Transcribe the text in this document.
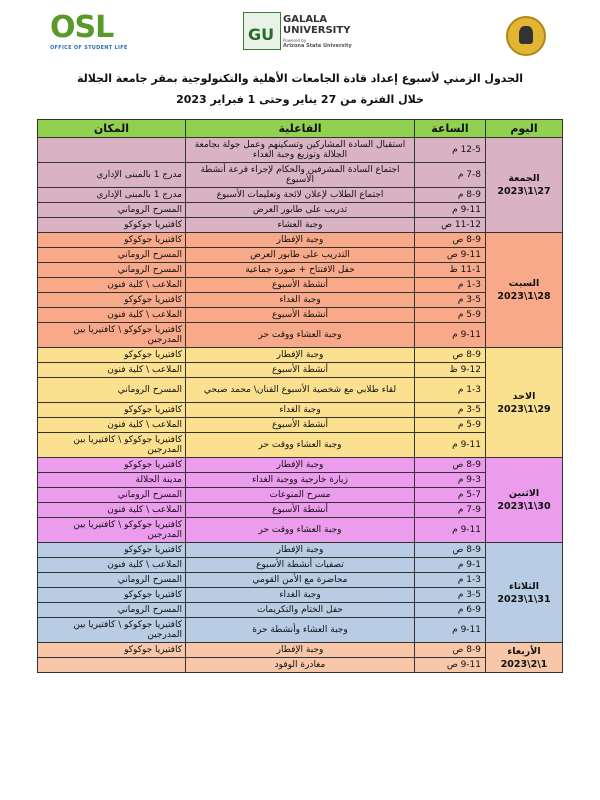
OSL
OFFICE OF STUDENT LIFE
GU
GALALA
UNIVERSITY
Powered by
Arizona State University
الجدول الزمني لأسبوع إعداد قادة الجامعات الأهلية والتكنولوجية بمقر جامعة الجلالة
خلال الفترة من 27 يناير وحتى 1 فبراير 2023
اليوم	الساعة	الفاعلية	المكان

الجمعة
2023\1\27	12-5 م	استقبال السادة المشاركين وتسكينهم وعمل جولة بجامعة الجلالة وتوزيع وجبة الغداء	
	7-8 م	اجتماع السادة المشرفين والحكام لإجراء قرعة أنشطة الأسبوع	مدرج 1 بالمبنى الإداري
	8-9 م	اجتماع الطلاب لإعلان لائحة وتعليمات الأسبوع	مدرج 1 بالمبنى الإداري
	9-11 م	تدريب على طابور العرض	المسرح الروماني
	11-12 ص	وجبة العشاء	كافتيريا جوكوكو

السبت
2023\1\28	8-9 ص	وجبة الإفطار	كافتيريا جوكوكو
	9-11 ص	التدريب على طابور العرض	المسرح الروماني
	11-1 ظ	حفل الافتتاح + صورة جماعية	المسرح الروماني
	1-3 م	أنشطة الأسبوع	الملاعب \ كلية فنون
	3-5 م	وجبة الغداء	كافتيريا جوكوكو
	5-9 م	أنشطة الأسبوع	الملاعب \ كلية فنون
	9-11 م	وجبة العشاء ووقت حر	كافتيريا جوكوكو \ كافتيريا بين المدرجين

الاحد
2023\1\29	8-9 ص	وجبة الإفطار	كافتيريا جوكوكو
	9-12 ظ	أنشطة الأسبوع	الملاعب \ كلية فنون
	1-3 م	لقاء طلابي مع شخصية الأسبوع الفنان\ محمد صبحي	المسرح الروماني
	3-5 م	وجبة الغداء	كافتيريا جوكوكو
	5-9 م	أنشطة الأسبوع	الملاعب \ كلية فنون
	9-11 م	وجبة العشاء ووقت حر	كافتيريا جوكوكو \ كافتيريا بين المدرجين

الاثنين
2023\1\30	8-9 ص	وجبة الإفطار	كافتيريا جوكوكو
	9-3 م	زيارة خارجية ووجبة الغداء	مدينة الجلالة
	5-7 م	مسرح المنوعات	المسرح الروماني
	7-9 م	أنشطة الأسبوع	الملاعب \ كلية فنون
	9-11 م	وجبة العشاء ووقت حر	كافتيريا جوكوكو \ كافتيريا بين المدرجين

الثلاثاء
2023\1\31	8-9 ص	وجبة الإفطار	كافتيريا جوكوكو
	9-1 م	تصفيات أنشطة الأسبوع	الملاعب \ كلية فنون
	1-3 م	محاضرة مع الأمن القومي	المسرح الروماني
	3-5 م	وجبة الغداء	كافتيريا جوكوكو
	6-9 م	حفل الختام والتكريمات	المسرح الروماني
	9-11 م	وجبة العشاء وأنشطة حرة	كافتيريا جوكوكو \ كافتيريا بين المدرجين

الأربعاء
2023\2\1	8-9 ص	وجبة الإفطار	كافتيريا جوكوكو
	9-11 ص	مغادرة الوفود	
